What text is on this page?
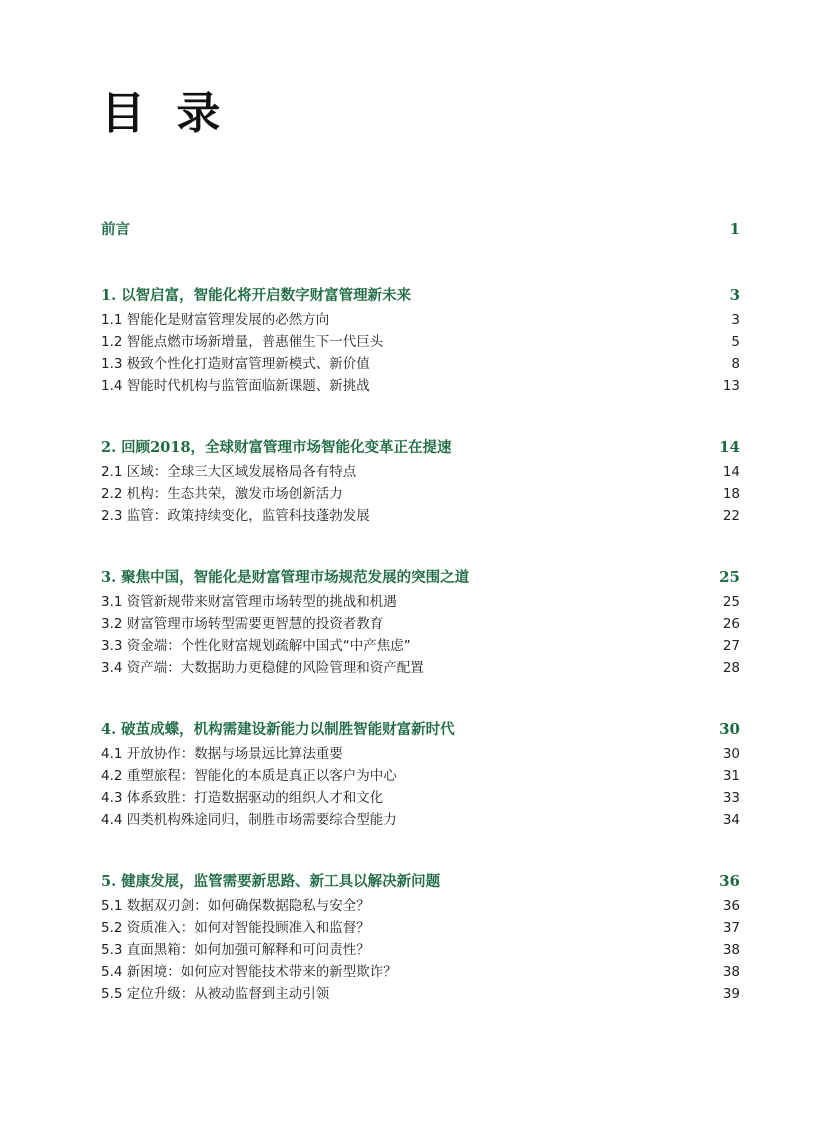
目 录
前言	1
1. 以智启富，智能化将开启数字财富管理新未来	3
1.1 智能化是财富管理发展的必然方向	3
1.2 智能点燃市场新增量，普惠催生下一代巨头	5
1.3 极致个性化打造财富管理新模式、新价值	8
1.4 智能时代机构与监管面临新课题、新挑战	13
2. 回顾2018，全球财富管理市场智能化变革正在提速	14
2.1 区域：全球三大区域发展格局各有特点	14
2.2 机构：生态共荣，激发市场创新活力	18
2.3 监管：政策持续变化，监管科技蓬勃发展	22
3. 聚焦中国，智能化是财富管理市场规范发展的突围之道	25
3.1 资管新规带来财富管理市场转型的挑战和机遇	25
3.2 财富管理市场转型需要更智慧的投资者教育	26
3.3 资金端：个性化财富规划疏解中国式“中产焦虑”	27
3.4 资产端：大数据助力更稳健的风险管理和资产配置	28
4. 破茧成蝶，机构需建设新能力以制胜智能财富新时代	30
4.1 开放协作：数据与场景远比算法重要	30
4.2 重塑旅程：智能化的本质是真正以客户为中心	31
4.3 体系致胜：打造数据驱动的组织人才和文化	33
4.4 四类机构殊途同归，制胜市场需要综合型能力	34
5. 健康发展，监管需要新思路、新工具以解决新问题	36
5.1 数据双刃剑：如何确保数据隐私与安全？	36
5.2 资质准入：如何对智能投顾准入和监督？	37
5.3 直面黑箱：如何加强可解释和可问责性？	38
5.4 新困境：如何应对智能技术带来的新型欺诈？	38
5.5 定位升级：从被动监督到主动引领	39
